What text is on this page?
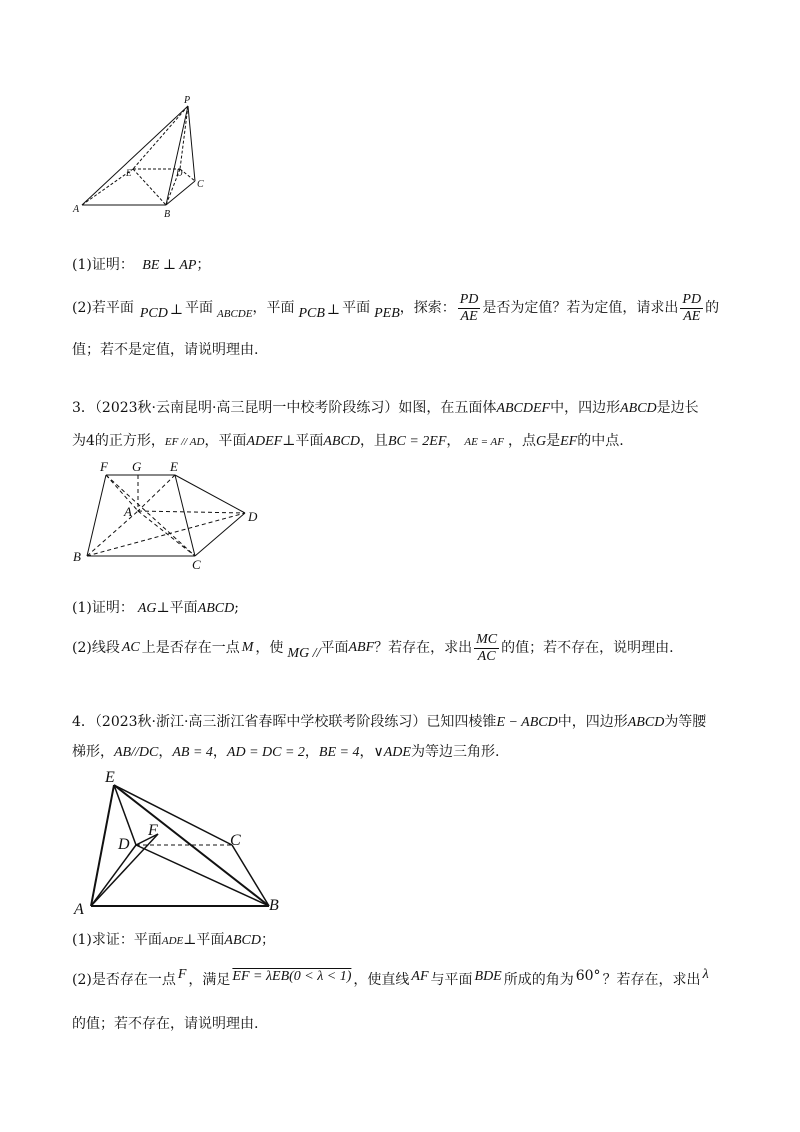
P
E	D
C
A	B
(1)证明： BE ⊥ AP；
(2)若平面 PCD ⊥ 平面 ABCDE ，平面 PCB ⊥ 平面 PEB ，探索： $\frac{PD}{AE}$ 是否为定值？若为定值，请求出 $\frac{PD}{AE}$ 的
值；若不是定值，请说明理由.
3．（2023秋·云南昆明·高三昆明一中校考阶段练习）如图，在五面体ABCDEF中，四边形ABCD是边长
为4的正方形，EF // AD，平面ADEF⊥平面ABCD，且BC = 2EF， AE = AF ，点G是EF的中点.
F G E
A	D
B
C
(1)证明： AG⊥平面ABCD;
(2)线段 AC 上是否存在一点 M ，使 MG // 平面 ABF ？若存在，求出 $\frac{MC}{AC}$ 的值；若不存在，说明理由.
4．（2023秋·浙江·高三浙江省春晖中学校联考阶段练习）已知四棱锥E − ABCD中，四边形ABCD为等腰
梯形，AB//DC，AB = 4，AD = DC = 2，BE = 4，∨ADE为等边三角形.
E
F
D	C
A	B
(1)求证：平面ADE⊥平面ABCD；
(2)是否存在一点 F ，满足 EF = λEB(0 < λ < 1) ，使直线 AF 与平面 BDE 所成的角为 60° ？若存在，求出 λ
的值；若不存在，请说明理由.
